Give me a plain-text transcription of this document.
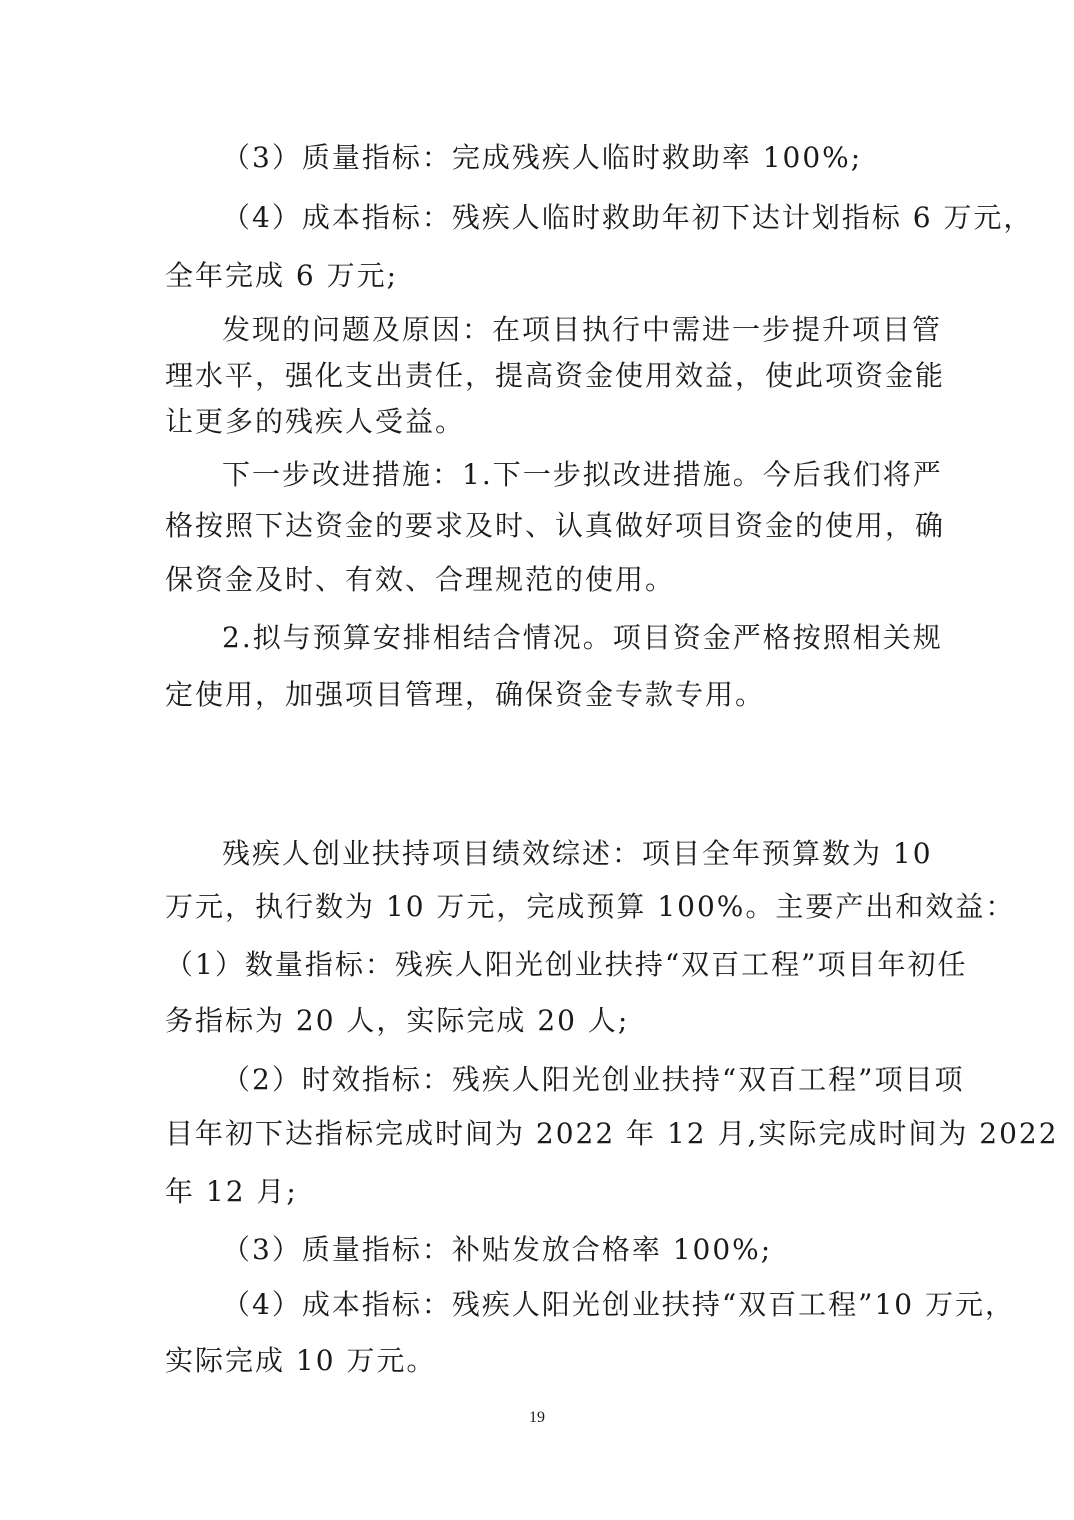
（3）质量指标：完成残疾人临时救助率 100%;
（4）成本指标：残疾人临时救助年初下达计划指标 6 万元，
全年完成 6 万元;
发现的问题及原因：在项目执行中需进一步提升项目管
理水平，强化支出责任，提高资金使用效益，使此项资金能
让更多的残疾人受益。
下一步改进措施：1.下一步拟改进措施。今后我们将严
格按照下达资金的要求及时、认真做好项目资金的使用，确
保资金及时、有效、合理规范的使用。
2.拟与预算安排相结合情况。项目资金严格按照相关规
定使用，加强项目管理，确保资金专款专用。
残疾人创业扶持项目绩效综述：项目全年预算数为 10
万元，执行数为 10 万元，完成预算 100%。主要产出和效益：
（1）数量指标：残疾人阳光创业扶持“双百工程”项目年初任
务指标为 20 人，实际完成 20 人;
（2）时效指标：残疾人阳光创业扶持“双百工程”项目项
目年初下达指标完成时间为 2022 年 12 月,实际完成时间为 2022
年 12 月;
（3）质量指标：补贴发放合格率 100%;
（4）成本指标：残疾人阳光创业扶持“双百工程”10 万元，
实际完成 10 万元。
19
